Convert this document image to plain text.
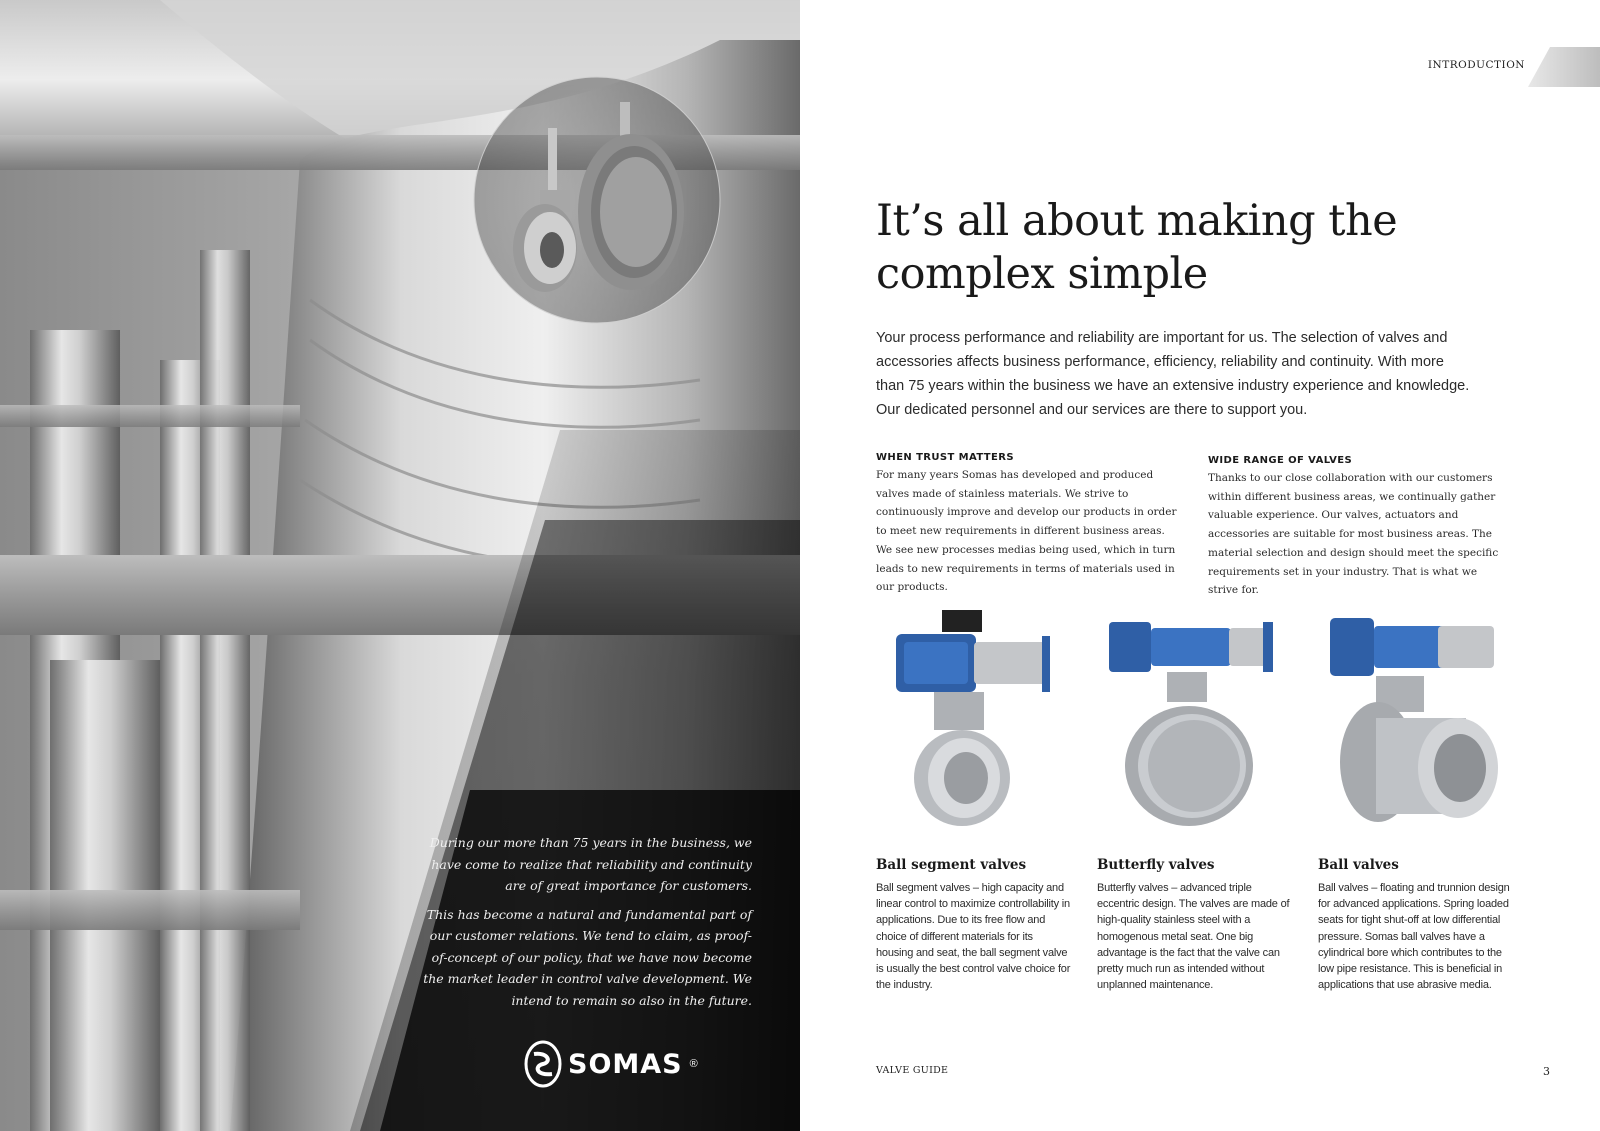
During our more than 75 years in the business, we have come to realize that reliability and continuity are of great importance for customers.

This has become a natural and fundamental part of our customer relations. We tend to claim, as proof-of-concept of our policy, that we have now become the market leader in control valve development. We intend to remain so also in the future.

SOMAS ®
INTRODUCTION
It’s all about making the complex simple

Your process performance and reliability are important for us. The selection of valves and accessories affects business performance, efficiency, reliability and continuity. With more than 75 years within the business we have an extensive industry experience and knowledge. Our dedicated personnel and our services are there to support you.

WHEN TRUST MATTERS

For many years Somas has developed and produced valves made of stainless materials. We strive to continuously improve and develop our products in order to meet new requirements in different business areas. We see new processes medias being used, which in turn leads to new requirements in terms of materials used in our products.

WIDE RANGE OF VALVES

Thanks to our close collaboration with our customers within different business areas, we continually gather valuable experience. Our valves, actuators and accessories are suitable for most business areas. The material selection and design should meet the specific requirements set in your industry. That is what we strive for.

Ball segment valves

Ball segment valves – high capacity and linear control to maximize controllability in applications. Due to its free flow and choice of different materials for its housing and seat, the ball segment valve is usually the best control valve choice for the industry.

Butterfly valves

Butterfly valves – advanced triple eccentric design. The valves are made of high-quality stainless steel with a homogenous metal seat. One big advantage is the fact that the valve can pretty much run as intended without unplanned maintenance.

Ball valves

Ball valves – floating and trunnion design for advanced applications. Spring loaded seats for tight shut-off at low differential pressure. Somas ball valves have a cylindrical bore which contributes to the low pipe resistance. This is beneficial in applications that use abrasive media.

VALVE GUIDE	3
